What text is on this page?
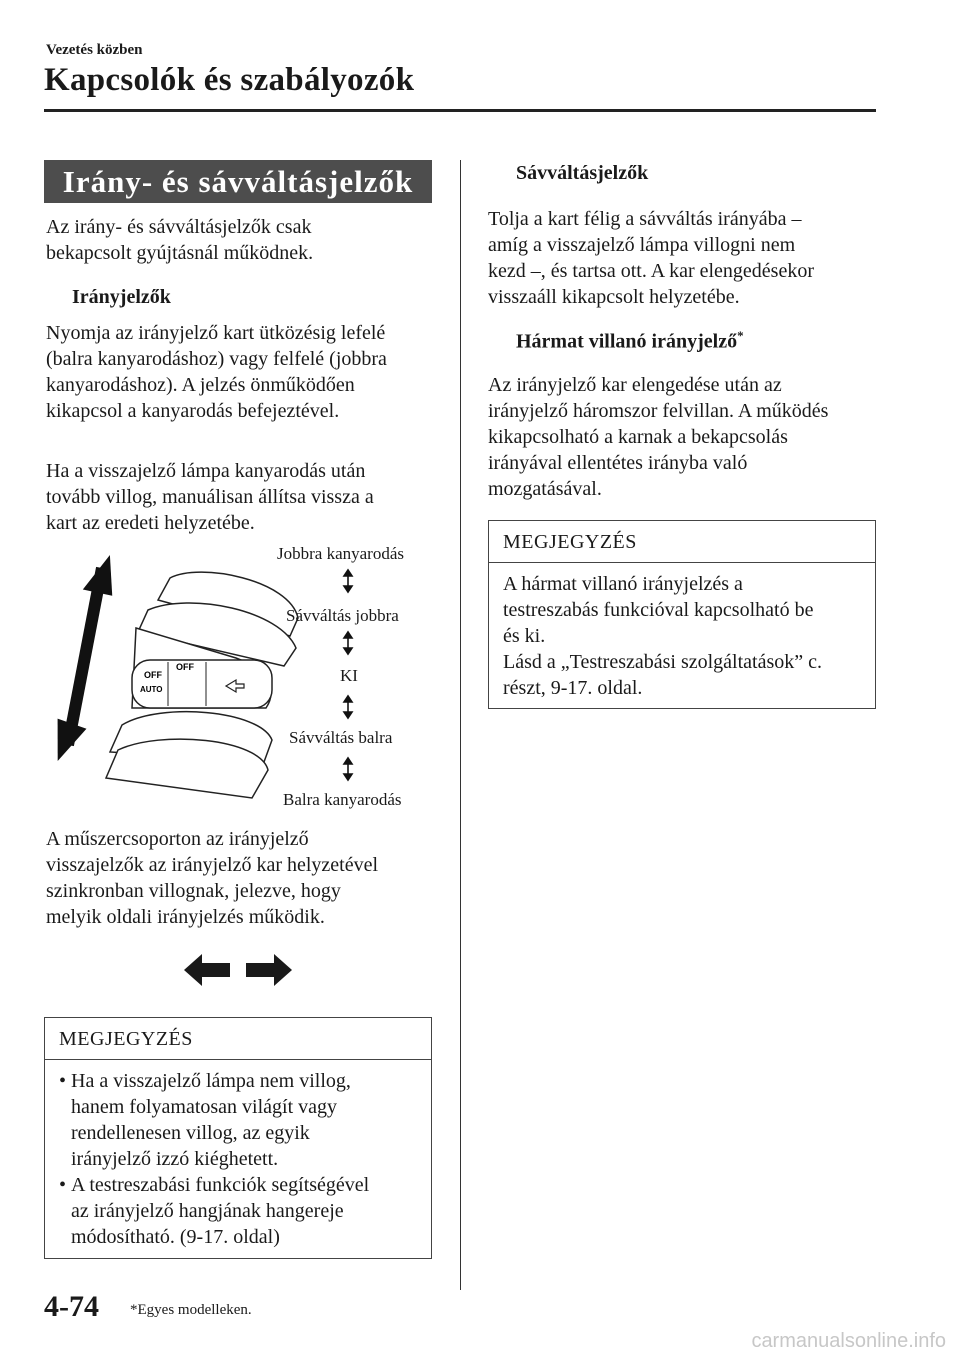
Vezetés közben
Kapcsolók és szabályozók
Irány- és sávváltásjelzők

Az irány- és sávváltásjelzők csak
bekapcsolt gyújtásnál működnek.

Irányjelzők

Nyomja az irányjelző kart ütközésig lefelé
(balra kanyarodáshoz) vagy felfelé (jobbra
kanyarodáshoz). A jelzés önműködően
kikapcsol a kanyarodás befejeztével.

Ha a visszajelző lámpa kanyarodás után
tovább villog, manuálisan állítsa vissza a
kart az eredeti helyzetébe.

OFF
OFF
AUTO
Jobbra kanyarodás
Sávváltás jobbra
KI
Sávváltás balra
Balra kanyarodás

A műszercsoporton az irányjelző
visszajelzők az irányjelző kar helyzetével
szinkronban villognak, jelezve, hogy
melyik oldali irányjelzés működik.

MEGJEGYZÉS
• Ha a visszajelző lámpa nem villog,
hanem folyamatosan világít vagy
rendellenesen villog, az egyik
irányjelző izzó kiéghetett.
• A testreszabási funkciók segítségével
az irányjelző hangjának hangereje
módosítható. (9-17. oldal)
Sávváltásjelzők

Tolja a kart félig a sávváltás irányába –
amíg a visszajelző lámpa villogni nem
kezd –, és tartsa ott. A kar elengedésekor
visszaáll kikapcsolt helyzetébe.

Hármat villanó irányjelző*

Az irányjelző kar elengedése után az
irányjelző háromszor felvillan. A működés
kikapcsolható a karnak a bekapcsolás
irányával ellentétes irányba való
mozgatásával.

MEGJEGYZÉS
A hármat villanó irányjelzés a
testreszabás funkcióval kapcsolható be
és ki.
Lásd a „Testreszabási szolgáltatások” c.
részt, 9-17. oldal.
4-74 *Egyes modelleken.
carmanualsonline.info
